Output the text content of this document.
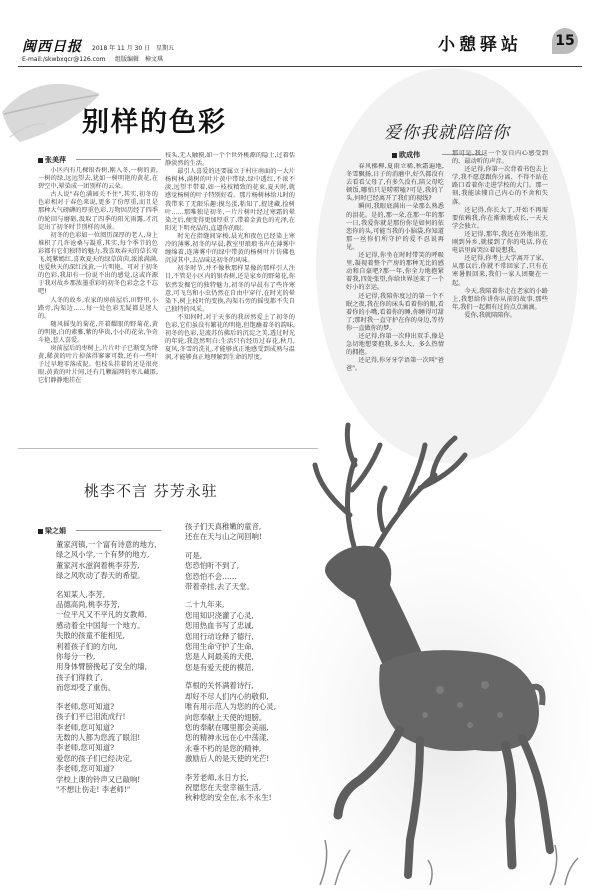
闽西日报 2018 年 11 月 30 日 星期五
E-mail:/skwbxqcr@126.com 组版编辑 樟文琪
小憩驿站 15
别样的色彩
张美萍

小区内有几棵银杏树,刚入冬,一树的黄,一树的绿,远远望去,犹如一树明艳的黄花,在碧空中,晕染成一团别样的云朵。

古人说"春色满园关不住",其实,初冬的色彩相对于春色来说,更多了份厚重,而且是那种大气磅礴的厚重色彩,万物因历经了四季的轮回与磨砺,汲取了四季的阳光雨露,才沉淀出了初冬时节别样的风景。

初冬的色彩如一位阅历深厚的老人,身上堆积了几许沧桑与凝重,其实,每个季节的色彩都有它们独特的魅力,我喜欢春天的草长莺飞,姹紫嫣红,喜欢夏天的绿草茵茵,浓浓满满,也爱秋天的深红浅黄,一片明艳。可对于初冬的色彩,我却有一份说不出的感觉,这或许源于我对故乡那浓墨重彩的初冬色彩念念不忘吧!

人冬的故乡,农家的房前屋后,田野里,小路旁,沟渠边……每一处色彩无疑都是迷人的。

随风摇曳的菊花,开着耀眼的野菊花,黄的明艳,白的素雅,紫的华贵,小小的花朵,争奇斗艳,惹人喜爱。

房前屋后的枣树上,片片叶子已渐变为绛黄,稀黄的叶片掉落得寥寥可数,还有一些叶子过早地零落成泥。但枝头挂着的还是很亮眼,黄黄的叶片间,还有几颗漏网的枣儿藏匿,它们静静地挂在

枝头,无人触摸,如一个个世外桃源的隐士,过着恬静淡然的生活。

最引人喜爱的还要属立于村庄南面的一大片杨树林,满树的叶片黄中带绿,绿中透红,不浓不淡,远望半带着,如一枝枝精致的花束,夏天时,就感觉杨树的叶子特别好看。那片杨树林给儿时的我带来了无限乐趣:摸鸟蛋,粘知了,捉迷藏,捡树叶……那唯独是初冬,一片片树叶经过寒霜的晕染之后,便变得更加厚重了,带着金黄色的光泽,在阳光下明亮晶的,直逼你的眼。

时光在指缝间穿梭,晨光和夜色已经染上寒冷的薄雾,初冬的早晨,教室里琅琅书声在薄雾中缠绵着,连薄雾中的绿中带黄的杨树叶片仿佛也沉浸其中,去品味这初冬的风味。

初冬时节,并不像秋那样显像的那样引人注目,不管是小区内的银杏树,还是家乡的野菊花,你依然发掘它的独特魅力,初冬的早晨有了些许寒意,可飞鸟和小虫仍然在自由中穿行,在时光的晕染下,树上枝叶的变换,沟渠石旁的摇曳都不失自己独特的风采。

不知何时,对于天多的我居然爱上了初冬的色彩,它们虽没有繁花的明艳,但饱蘸着冬的韵味,初冬的色彩,是流苏仿佛后的沉淀之美,透过时光的年轮,我忽然明白:生活只有经历过春花,秋月,夏风,冬雪的洗礼,才能够真正地感受到成熟与温润,才能够真正地理解到生命的厚度。

爱你我就陪陪你
欧成伟

春风拂柳,夏雨立稀,秋霜遍地,冬雪飘扬,日子的消磨中,好久都没有去看看父母了,有多久没有,陪父母吃顿饭,哪怕只是唠唠嗑?可是,我的丫头,何时已经离开了我们的视线?

瞬间,我眼底满出一朵那么熟悉的泪花。是的,那一朵,在那一年的那一日,我爱你就是那份你是如何的依恋你的头,可能当我的小脑袋,你知道那一丝你们所守护的爱不忍说再见。

还记得,你坐在时时带笑的呼吸里,凝视着整个产房的那种无比的感动和自豪吧?那一年,你全力地抱紧着我,四处张望,你给世界送来了一个好小的幸运。

还记得,我陪你度过的第一个不眠之夜,我在你的床头看着你的眼,看着你的小嘴,看着你的睡,你睡得可甜了;那时我一直守护在你的身边,等待你一直做你的梦。

还记得,你第一次伸出双手,像是急切地想要抱我,多么大、多么热情的拥抱。

还记得,你牙牙学语第一次叫"爸爸"。

那可是,我这一个发自内心感受到的、最动听的声音。

还记得,你第一次背着书包去上学,我不愿意跟你分离、不得不站在路口看着你走进学校的大门。那一刻,我能读懂自己内心的不舍和失落。

还记得,你长大了,开始不再需要依赖我,你在渐渐地成长,一天天学会独立。

还记得,那年,我还在外地出差,刚到异乡,就接到了你的电话,你在电话里面哭泣着说想我。

还记得,你考上大学离开了家。从那以后,你就不常回家了,只有在寒暑假回来,我们一家人团聚在一起。

今天,我陪着你走在老家的小路上,我想给你讲你从前的故事,那些年,我们一起拥有过的点点滴滴。

爱你,我就陪陪你。

桃李不言 芬芳永驻
梁之娟
董家河镇,一个富有诗意的地方,
绿之风小学,一个有梦的地方,
董家河水滋润着桃李芬芳,
绿之风吹动了春天的希望。
名知某人,李芳,
品德高尚,桃李芬芳,
一位平凡又不平凡的女教师,
感动着全中国每一个地方。
失散的孩童不能相见,
利着孩子们的方向,
你每分一秒,
用身体臂膀挽起了安全的墙,
孩子们得救了,
而您却受了重伤。
李老师,您可知道?
孩子们平已泪流成行!
李老师,您可知道?
无数的人都为您流了眼泪!
李老师,您可知道?
爱您的孩子们已经决定,
李老师,您可知道?
学校上课的铃声又已敲响!
"不想让伤走! 李老师!"
孩子们天真稚嫩的童音,
还在在天与山之间回响!
可是,
您恐怕听不到了,
您恐怕不会……
带着牵挂,去了天堂。
二十九年来,
您用知识浇灌了心灵,
您用热血书写了忠诚,
您用行动诠释了德行,
您用生命守护了生命,
您是人间最美的天使,
您是有爱天使的模范,
草根的关怀满着诗行,
却好不尽人们内心的敬仰,
唯有用示范人为您的的心灵,
向您奉献上天使的翅膀。
您的奉献在哪里都会美丽,
您的精神永远在心中荡漾,
永垂不朽的是您的精神,
激励后人的是天使的光芒!
李芳老师,永日方长,
祝愿您在天堂幸福生活,
秋种您的安全在,永不永生!
